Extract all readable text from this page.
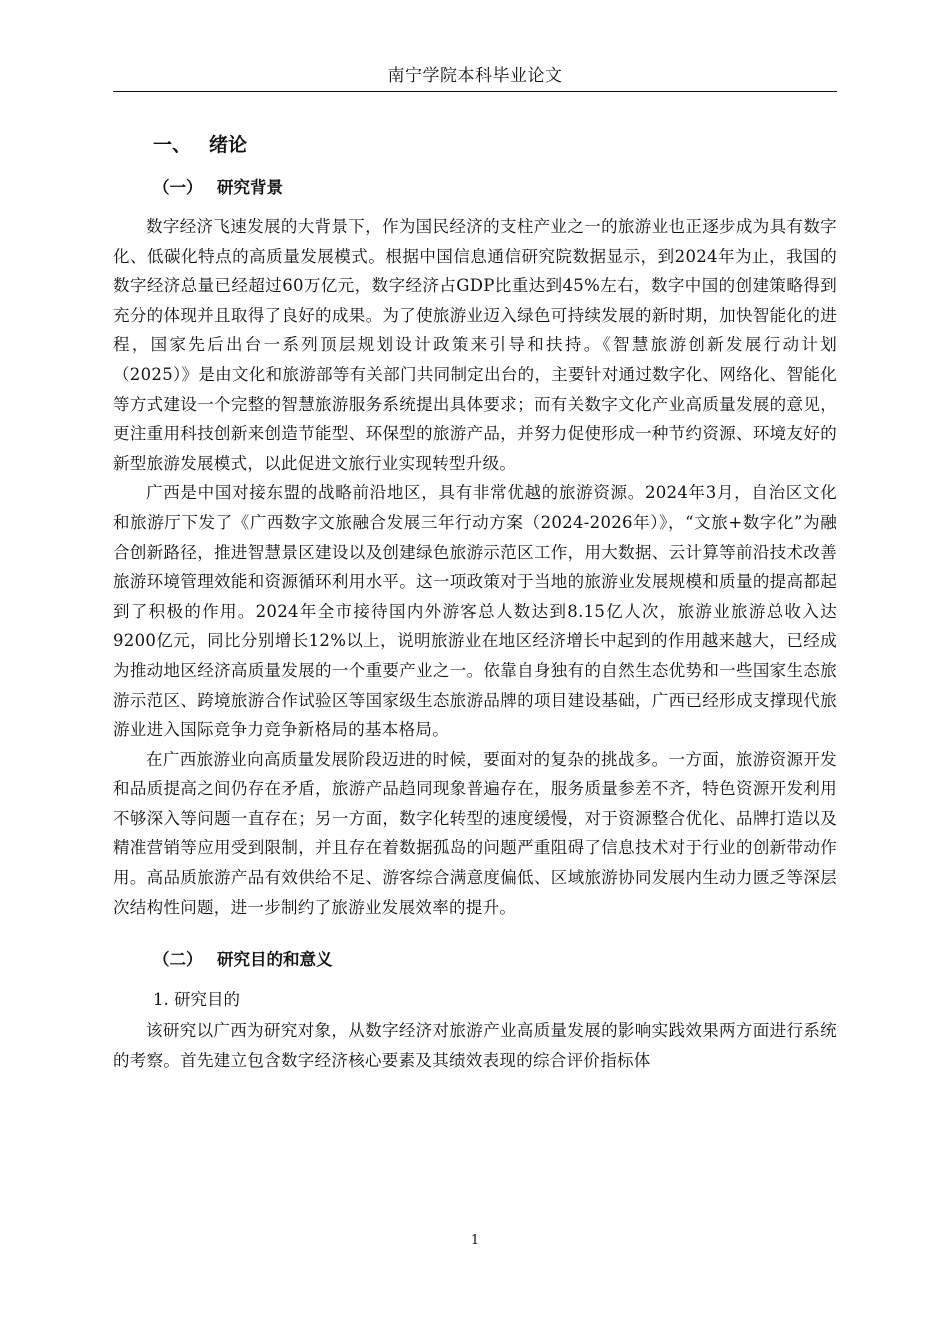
南宁学院本科毕业论文
一、 绪论
（一） 研究背景

数字经济飞速发展的大背景下，作为国民经济的支柱产业之一的旅游业也正逐步成为具有数字化、低碳化特点的高质量发展模式。根据中国信息通信研究院数据显示，到2024年为止，我国的数字经济总量已经超过60万亿元，数字经济占GDP比重达到45%左右，数字中国的创建策略得到充分的体现并且取得了良好的成果。为了使旅游业迈入绿色可持续发展的新时期，加快智能化的进程，国家先后出台一系列顶层规划设计政策来引导和扶持。《智慧旅游创新发展行动计划（2025）》是由文化和旅游部等有关部门共同制定出台的，主要针对通过数字化、网络化、智能化等方式建设一个完整的智慧旅游服务系统提出具体要求；而有关数字文化产业高质量发展的意见，更注重用科技创新来创造节能型、环保型的旅游产品，并努力促使形成一种节约资源、环境友好的新型旅游发展模式，以此促进文旅行业实现转型升级。

广西是中国对接东盟的战略前沿地区，具有非常优越的旅游资源。2024年3月，自治区文化和旅游厅下发了《广西数字文旅融合发展三年行动方案（2024-2026年）》，“文旅+数字化”为融合创新路径，推进智慧景区建设以及创建绿色旅游示范区工作，用大数据、云计算等前沿技术改善旅游环境管理效能和资源循环利用水平。这一项政策对于当地的旅游业发展规模和质量的提高都起到了积极的作用。2024年全市接待国内外游客总人数达到8.15亿人次，旅游业旅游总收入达9200亿元，同比分别增长12%以上，说明旅游业在地区经济增长中起到的作用越来越大，已经成为推动地区经济高质量发展的一个重要产业之一。依靠自身独有的自然生态优势和一些国家生态旅游示范区、跨境旅游合作试验区等国家级生态旅游品牌的项目建设基础，广西已经形成支撑现代旅游业进入国际竞争力竞争新格局的基本格局。

在广西旅游业向高质量发展阶段迈进的时候，要面对的复杂的挑战多。一方面，旅游资源开发和品质提高之间仍存在矛盾，旅游产品趋同现象普遍存在，服务质量参差不齐，特色资源开发利用不够深入等问题一直存在；另一方面，数字化转型的速度缓慢，对于资源整合优化、品牌打造以及精准营销等应用受到限制，并且存在着数据孤岛的问题严重阻碍了信息技术对于行业的创新带动作用。高品质旅游产品有效供给不足、游客综合满意度偏低、区域旅游协同发展内生动力匮乏等深层次结构性问题，进一步制约了旅游业发展效率的提升。

（二） 研究目的和意义
1. 研究目的

该研究以广西为研究对象，从数字经济对旅游产业高质量发展的影响实践效果两方面进行系统的考察。首先建立包含数字经济核心要素及其绩效表现的综合评价指标体

1
